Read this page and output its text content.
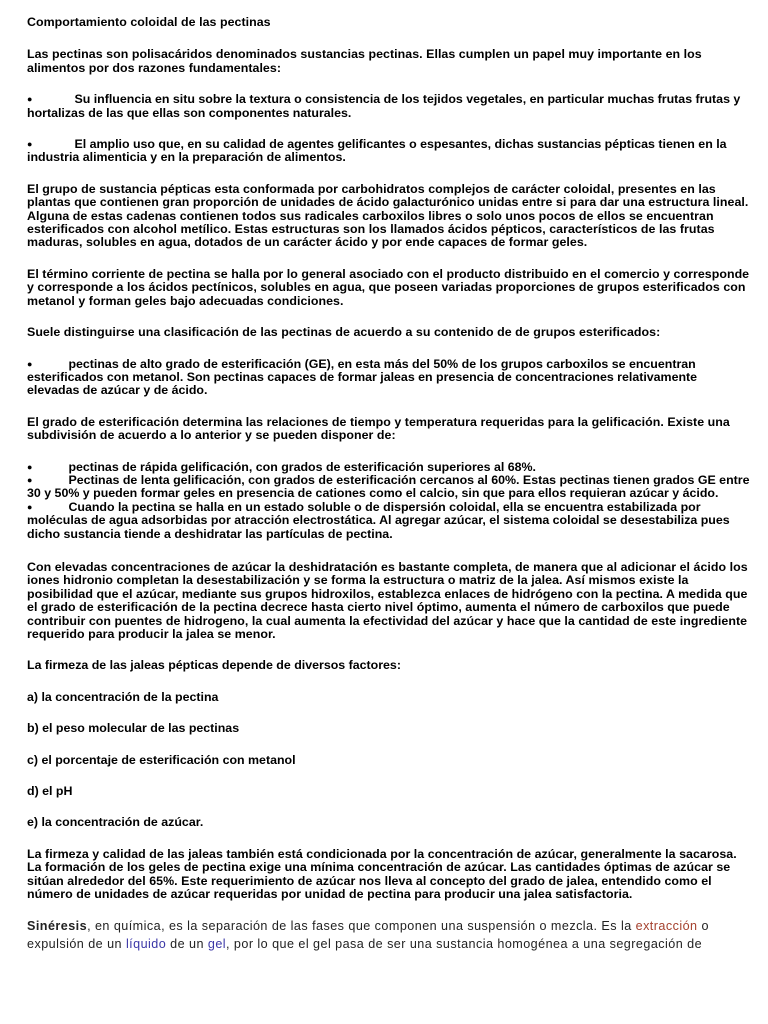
Comportamiento coloidal de las pectinas

Las pectinas son polisacáridos denominados sustancias pectinas. Ellas cumplen un papel muy importante en los alimentos por dos razones fundamentales:

●	Su influencia en situ sobre la textura o consistencia de los tejidos vegetales, en particular muchas frutas frutas y hortalizas de las que ellas son componentes naturales.

●	El amplio uso que, en su calidad de agentes gelificantes o espesantes, dichas sustancias pépticas tienen en la industria alimenticia y en la preparación de alimentos.

El grupo de sustancia pépticas esta conformada por carbohidratos complejos de carácter coloidal, presentes en las plantas que contienen gran proporción de unidades de ácido galacturónico unidas entre si para dar una estructura lineal. Alguna de estas cadenas contienen todos sus radicales carboxilos libres o solo unos pocos de ellos se encuentran esterificados con alcohol metílico. Estas estructuras son los llamados ácidos pépticos, característicos de las frutas maduras, solubles en agua, dotados de un carácter ácido y por ende capaces de formar geles.

El término corriente de pectina se halla por lo general asociado con el producto distribuido en el comercio y corresponde y corresponde a los ácidos pectínicos, solubles en agua, que poseen variadas proporciones de grupos esterificados con metanol y forman geles bajo adecuadas condiciones.

Suele distinguirse una clasificación de las pectinas de acuerdo a su contenido de de grupos esterificados:

●	pectinas de alto grado de esterificación (GE), en esta más del 50% de los grupos carboxilos se encuentran esterificados con metanol. Son pectinas capaces de formar jaleas en presencia de concentraciones relativamente elevadas de azúcar y de ácido.

El grado de esterificación determina las relaciones de tiempo y temperatura requeridas para la gelificación. Existe una subdivisión de acuerdo a lo anterior y se pueden disponer de:

●	pectinas de rápida gelificación, con grados de esterificación superiores al 68%.

●	Pectinas de lenta gelificación, con grados de esterificación cercanos al 60%. Estas pectinas tienen grados GE entre 30 y 50% y pueden formar geles en presencia de cationes como el calcio, sin que para ellos requieran azúcar y ácido.

●	Cuando la pectina se halla en un estado soluble o de dispersión coloidal, ella se encuentra estabilizada por moléculas de agua adsorbidas por atracción electrostática. Al agregar azúcar, el sistema coloidal se desestabiliza pues dicho sustancia tiende a deshidratar las partículas de pectina.

Con elevadas concentraciones de azúcar la deshidratación es bastante completa, de manera que al adicionar el ácido los iones hidronio completan la desestabilización y se forma la estructura o matriz de la jalea. Así mismos existe la posibilidad que el azúcar, mediante sus grupos hidroxilos, establezca enlaces de hidrógeno con la pectina. A medida que el grado de esterificación de la pectina decrece hasta cierto nivel óptimo, aumenta el número de carboxilos que puede contribuir con puentes de hidrogeno, la cual aumenta la efectividad del azúcar y hace que la cantidad de este ingrediente requerido para producir la jalea se menor.

La firmeza de las jaleas pépticas depende de diversos factores:

a) la concentración de la pectina

b) el peso molecular de las pectinas

c) el porcentaje de esterificación con metanol

d) el pH

e) la concentración de azúcar.

La firmeza y calidad de las jaleas también está condicionada por la concentración de azúcar, generalmente la sacarosa. La formación de los geles de pectina exige una mínima concentración de azúcar. Las cantidades óptimas de azúcar se sitúan alrededor del 65%. Este requerimiento de azúcar nos lleva al concepto del grado de jalea, entendido como el número de unidades de azúcar requeridas por unidad de pectina para producir una jalea satisfactoria.

Sinéresis, en química, es la separación de las fases que componen una suspensión o mezcla. Es la extracción o expulsión de un líquido de un gel, por lo que el gel pasa de ser una sustancia homogénea a una segregación de
